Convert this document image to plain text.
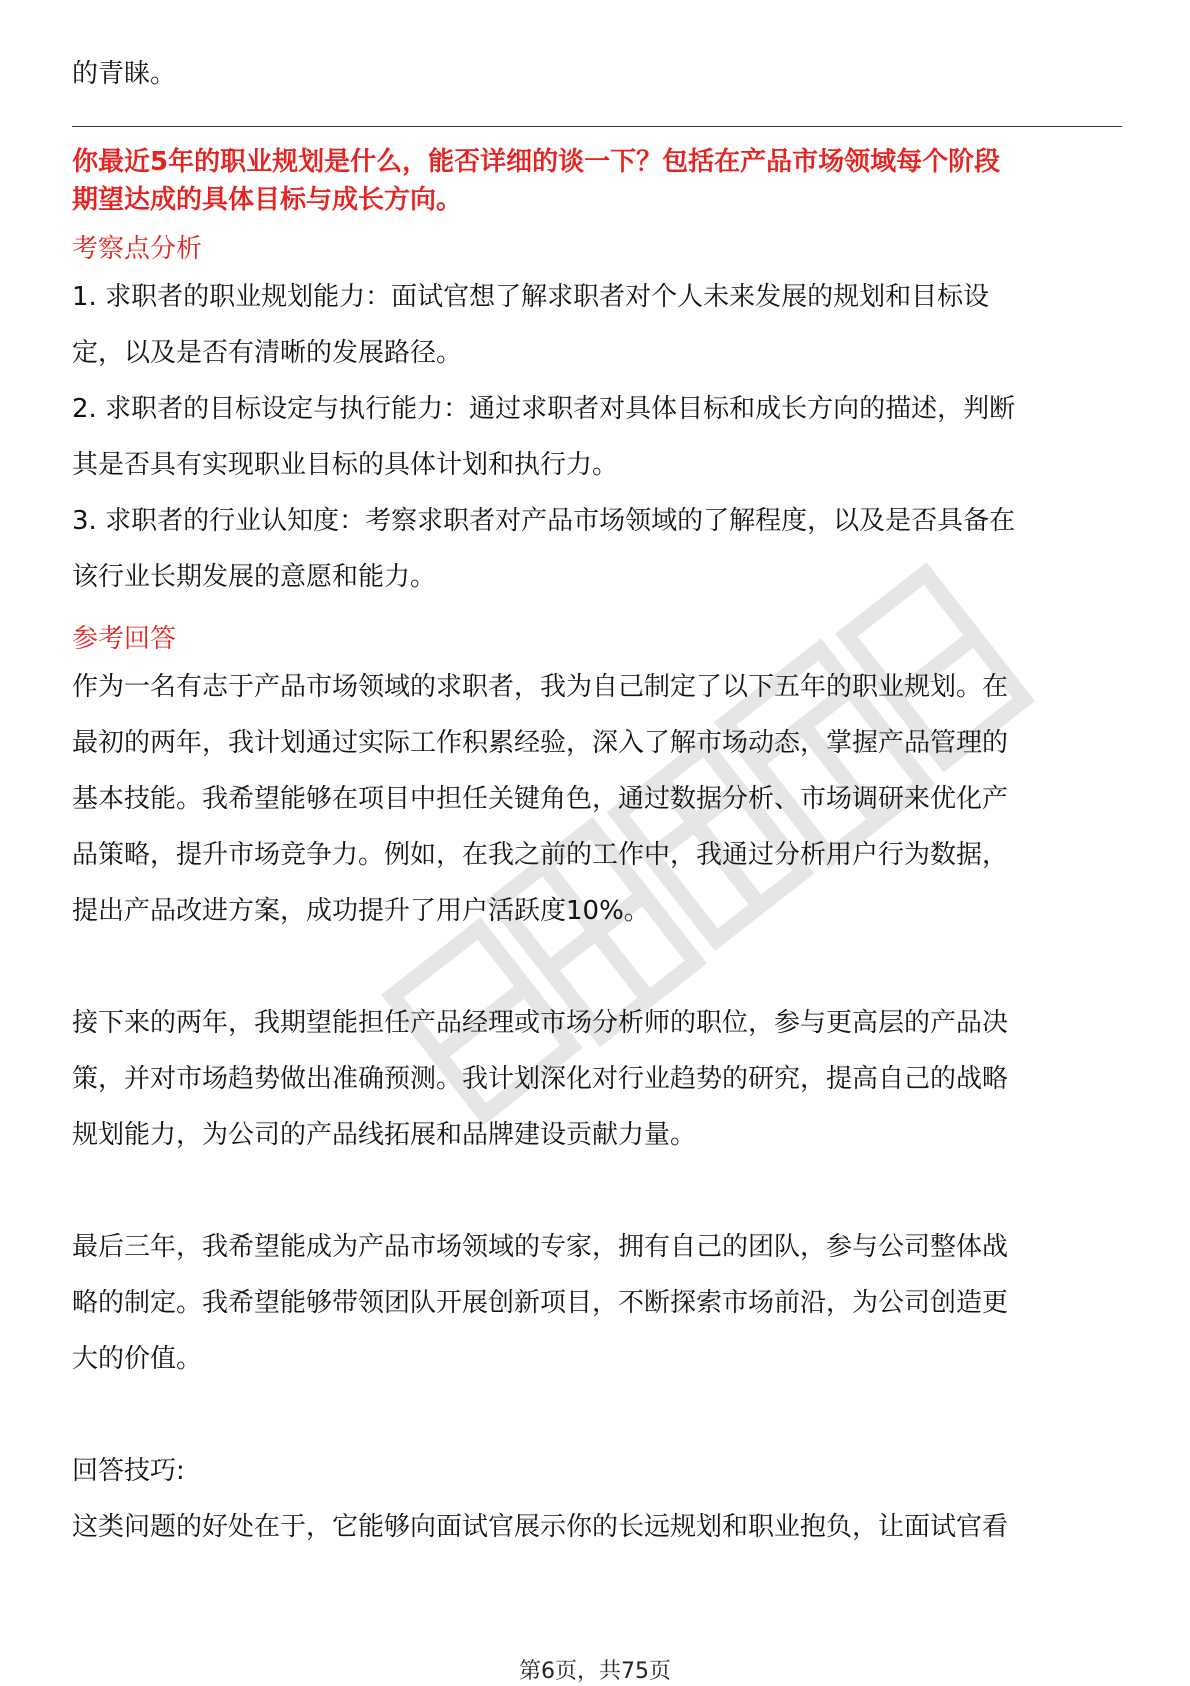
的青睐。
你最近5年的职业规划是什么，能否详细的谈一下？包括在产品市场领域每个阶段
期望达成的具体目标与成长方向。
考察点分析
1. 求职者的职业规划能力：面试官想了解求职者对个人未来发展的规划和目标设
定，以及是否有清晰的发展路径。
2. 求职者的目标设定与执行能力：通过求职者对具体目标和成长方向的描述，判断
其是否具有实现职业目标的具体计划和执行力。
3. 求职者的行业认知度：考察求职者对产品市场领域的了解程度，以及是否具备在
该行业长期发展的意愿和能力。
参考回答
作为一名有志于产品市场领域的求职者，我为自己制定了以下五年的职业规划。在
最初的两年，我计划通过实际工作积累经验，深入了解市场动态，掌握产品管理的
基本技能。我希望能够在项目中担任关键角色，通过数据分析、市场调研来优化产
品策略，提升市场竞争力。例如，在我之前的工作中，我通过分析用户行为数据，
提出产品改进方案，成功提升了用户活跃度10%。
接下来的两年，我期望能担任产品经理或市场分析师的职位，参与更高层的产品决
策，并对市场趋势做出准确预测。我计划深化对行业趋势的研究，提高自己的战略
规划能力，为公司的产品线拓展和品牌建设贡献力量。
最后三年，我希望能成为产品市场领域的专家，拥有自己的团队，参与公司整体战
略的制定。我希望能够带领团队开展创新项目，不断探索市场前沿，为公司创造更
大的价值。
回答技巧:
这类问题的好处在于，它能够向面试官展示你的长远规划和职业抱负，让面试官看
第6页，共75页
